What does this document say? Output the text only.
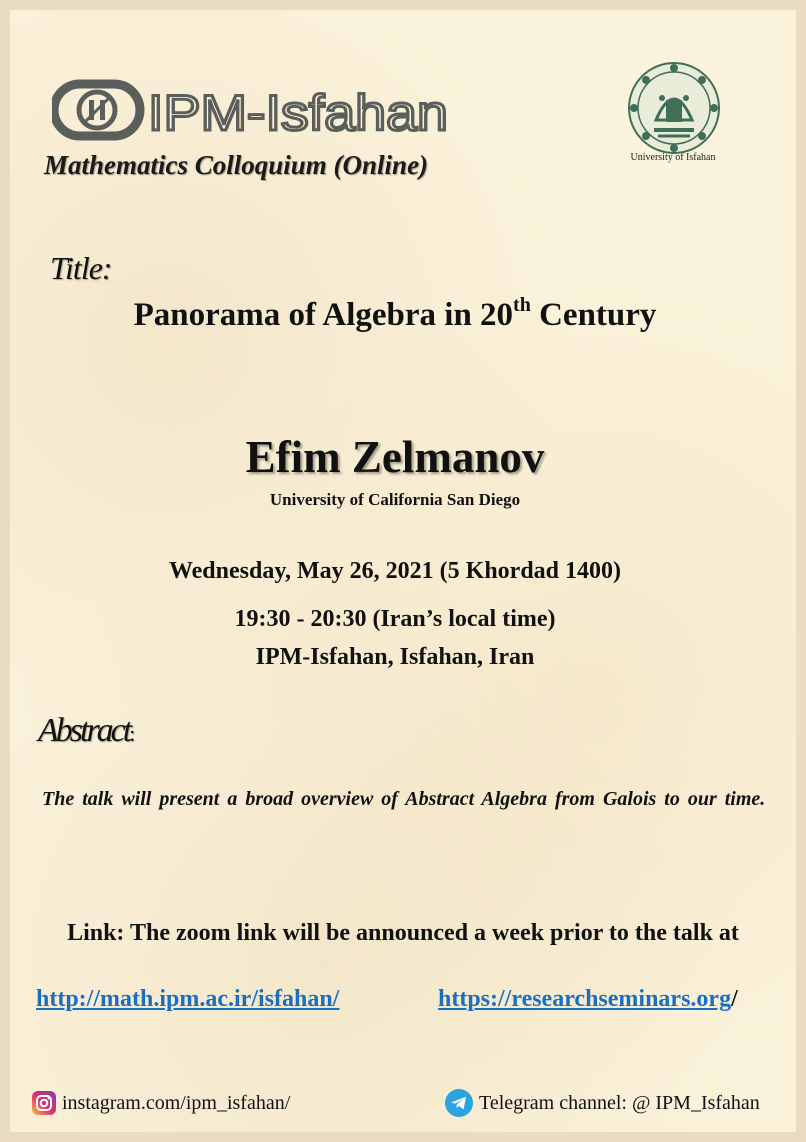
IPM-Isfahan
Mathematics Colloquium (Online)	University of Isfahan
Title:
Panorama of Algebra in 20th Century
Efim Zelmanov
University of California San Diego
Wednesday, May 26, 2021 (5 Khordad 1400)
19:30 - 20:30 (Iran’s local time)
IPM-Isfahan, Isfahan, Iran
Abstract:
The talk will present a broad overview of Abstract Algebra from Galois to our time.
Link: The zoom link will be announced a week prior to the talk at
http://math.ipm.ac.ir/isfahan/	https://researchseminars.org/
instagram.com/ipm_isfahan/	Telegram channel: @ IPM_Isfahan
